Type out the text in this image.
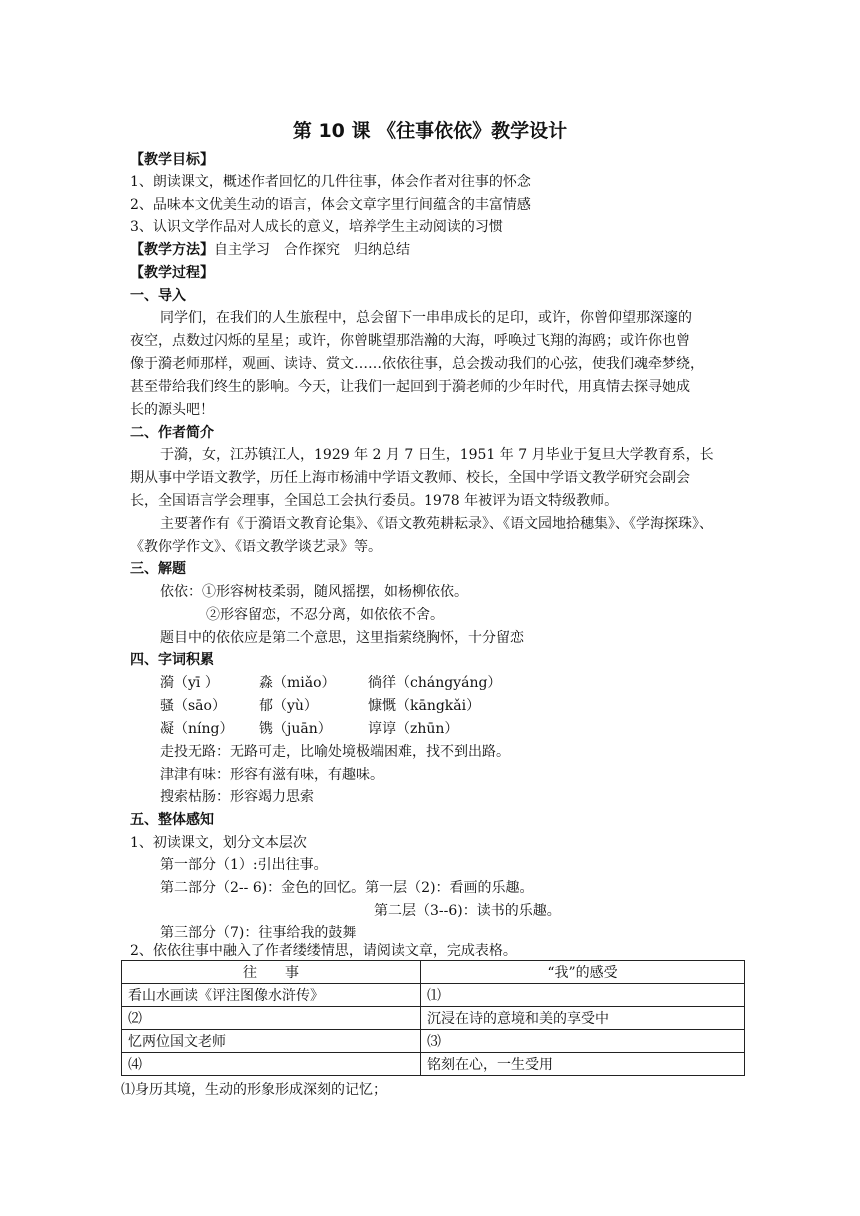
第 10 课 《往事依依》教学设计
【教学目标】
1、朗读课文，概述作者回忆的几件往事，体会作者对往事的怀念
2、品味本文优美生动的语言，体会文章字里行间蕴含的丰富情感
3、认识文学作品对人成长的意义，培养学生主动阅读的习惯
【教学方法】自主学习　合作探究　归纳总结
【教学过程】
一、导入
同学们，在我们的人生旅程中，总会留下一串串成长的足印，或许，你曾仰望那深邃的
夜空，点数过闪烁的星星；或许，你曾眺望那浩瀚的大海，呼唤过飞翔的海鸥；或许你也曾
像于漪老师那样，观画、读诗、赏文……依依往事，总会拨动我们的心弦，使我们魂牵梦绕，
甚至带给我们终生的影响。今天，让我们一起回到于漪老师的少年时代，用真情去探寻她成
长的源头吧！
二、作者简介
于漪，女，江苏镇江人，1929 年 2 月 7 日生，1951 年 7 月毕业于复旦大学教育系，长
期从事中学语文教学，历任上海市杨浦中学语文教师、校长，全国中学语文教学研究会副会
长，全国语言学会理事，全国总工会执行委员。1978 年被评为语文特级教师。
主要著作有《于漪语文教育论集》、《语文教苑耕耘录》、《语文园地拾穗集》、《学海探珠》、
《教你学作文》、《语文教学谈艺录》等。
三、解题
依依：①形容树枝柔弱，随风摇摆，如杨柳依依。
②形容留恋，不忍分离，如依依不舍。
题目中的依依应是第二个意思，这里指萦绕胸怀，十分留恋
四、字词积累
漪（yī ）	淼（miǎo） 徜徉（chángyáng）
骚（sāo） 郁（yù）	慷慨（kāngkǎi）
凝（níng） 镌（juān）	谆谆（zhūn）
走投无路：无路可走，比喻处境极端困难，找不到出路。
津津有味：形容有滋有味，有趣味。
搜索枯肠：形容竭力思索
五、整体感知
1、初读课文，划分文本层次
第一部分（1）:引出往事。
第二部分（2-- 6)：金色的回忆。第一层（2)：看画的乐趣。
第二层（3--6)：读书的乐趣。
第三部分（7)：往事给我的鼓舞
2、依依往事中融入了作者缕缕情思，请阅读文章，完成表格。
往　　事	“我”的感受
看山水画读《评注图像水浒传》	⑴
⑵	沉浸在诗的意境和美的享受中
忆两位国文老师	⑶
⑷	铭刻在心，一生受用
⑴身历其境，生动的形象形成深刻的记忆；
